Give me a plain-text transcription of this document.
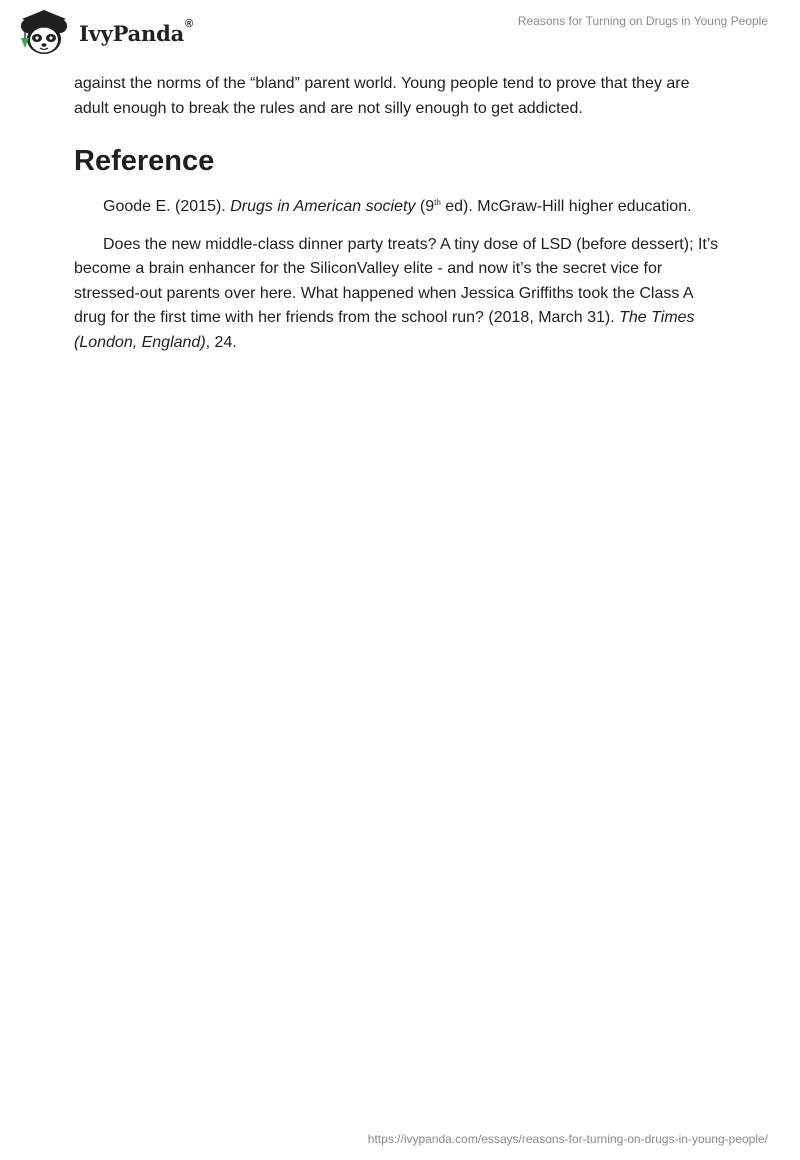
IvyPanda®	Reasons for Turning on Drugs in Young People

against the norms of the “bland” parent world. Young people tend to prove that they are adult enough to break the rules and are not silly enough to get addicted.

Reference

Goode E. (2015). Drugs in American society (9th ed). McGraw-Hill higher education.

Does the new middle-class dinner party treats? A tiny dose of LSD (before dessert); It’s become a brain enhancer for the SiliconValley elite - and now it’s the secret vice for stressed-out parents over here. What happened when Jessica Griffiths took the Class A drug for the first time with her friends from the school run? (2018, March 31). The Times (London, England), 24.

https://ivypanda.com/essays/reasons-for-turning-on-drugs-in-young-people/
